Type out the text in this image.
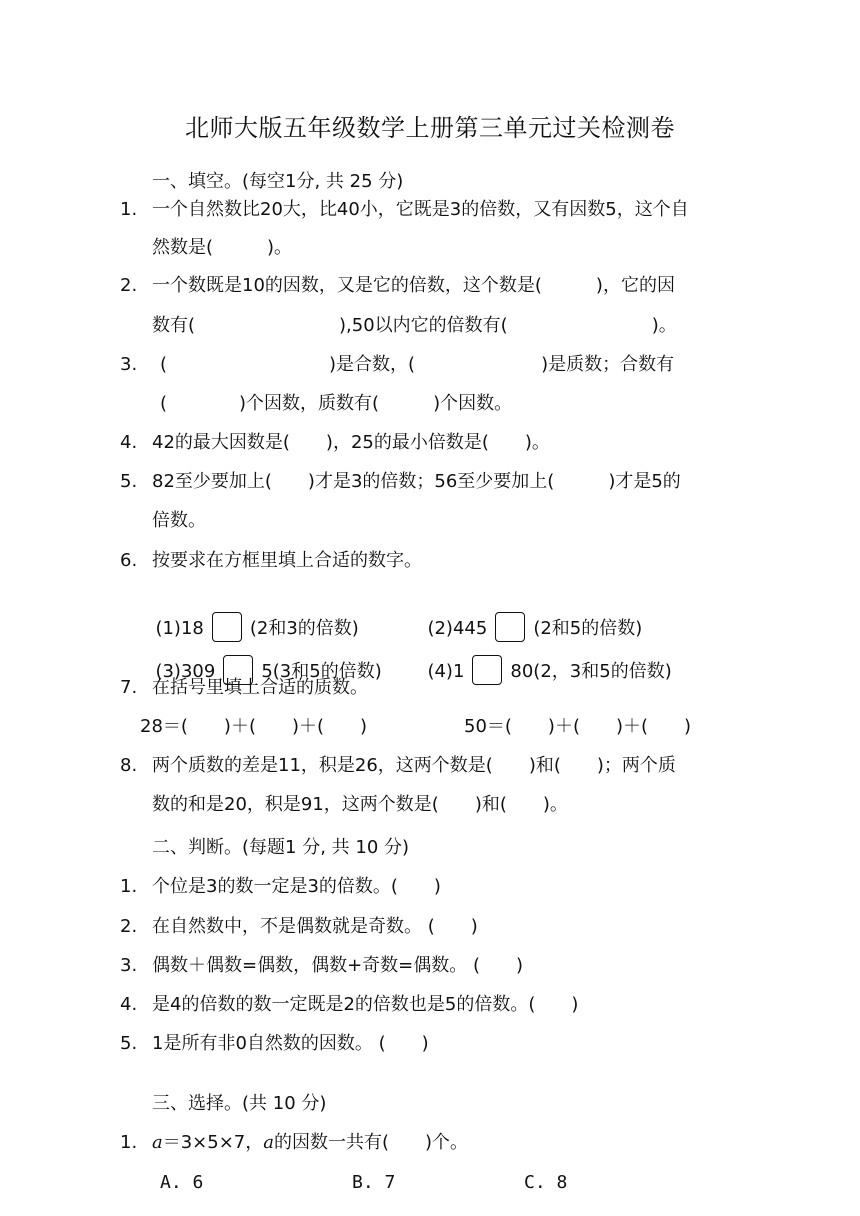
北师大版五年级数学上册第三单元过关检测卷
一、填空。(每空1分, 共 25 分)
1. 一个自然数比20大，比40小，它既是3的倍数，又有因数5，这个自
然数是(　　　)。
2. 一个数既是10的因数，又是它的倍数，这个数是(　　　)，它的因
数有(　　　　　　　　),50以内它的倍数有(　　　　　　　　)。
3. (　　　　　　　　　)是合数，(　　　　　　　)是质数；合数有
(　　　　)个因数，质数有(　　　)个因数。
4. 42的最大因数是(　　)，25的最小倍数是(　　)。
5. 82至少要加上(　　)才是3的倍数；56至少要加上(　　　)才是5的
倍数。
6. 按要求在方框里填上合适的数字。

(1)18	(2和3的倍数)	(2)445	(2和5的倍数)

(3)309	5(3和5的倍数)	(4)1	80(2，3和5的倍数)

7. 在括号里填上合适的质数。
28＝(　　)＋(　　)＋(　　)	50＝(　　)＋(　　)＋(　　)
8. 两个质数的差是11，积是26，这两个数是(　　)和(　　)；两个质
数的和是20，积是91，这两个数是(　　)和(　　)。
二、判断。(每题1 分, 共 10 分)
1. 个位是3的数一定是3的倍数。(　　)
2. 在自然数中，不是偶数就是奇数。 (　　)
3. 偶数＋偶数=偶数，偶数+奇数=偶数。 (　　)
4. 是4的倍数的数一定既是2的倍数也是5的倍数。(　　)
5. 1是所有非0自然数的因数。 (　　)
三、选择。(共 10 分)
1. a＝3×5×7，a的因数一共有(　　)个。
A. 6	B. 7	C. 8
